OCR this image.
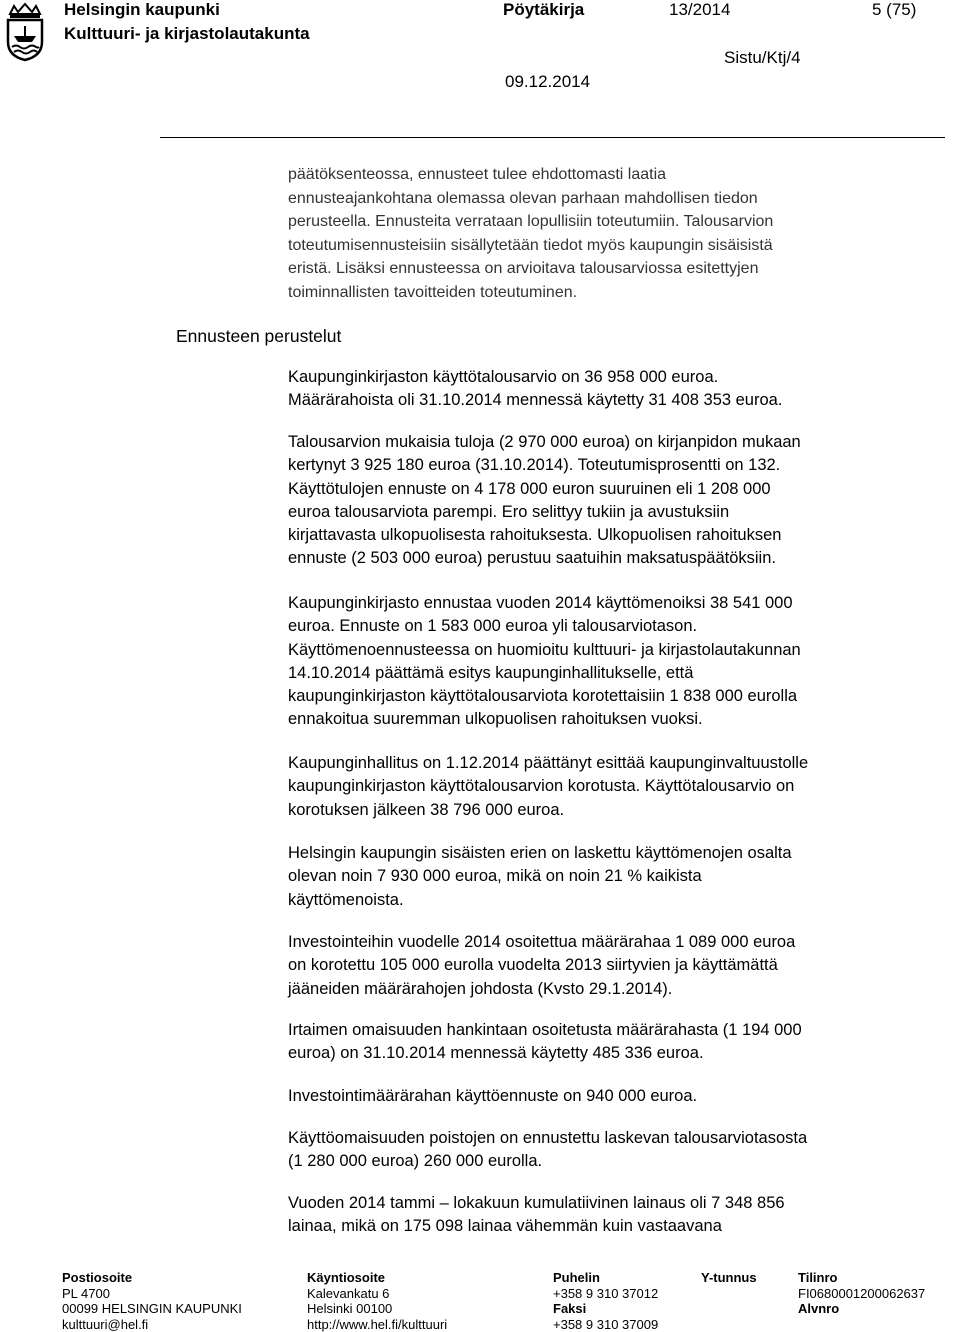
Helsingin kaupunki
Kulttuuri- ja kirjastolautakunta
Pöytäkirja	13/2014	5 (75)
Sistu/Ktj/4
09.12.2014

päätöksenteossa, ennusteet tulee ehdottomasti laatia

ennusteajankohtana olemassa olevan parhaan mahdollisen tiedon

perusteella. Ennusteita verrataan lopullisiin toteutumiin. Talousarvion

toteutumisennusteisiin sisällytetään tiedot myös kaupungin sisäisistä

eristä. Lisäksi ennusteessa on arvioitava talousarviossa esitettyjen

toiminnallisten tavoitteiden toteutuminen.

Ennusteen perustelut

Kaupunginkirjaston käyttötalousarvio on 36 958 000 euroa.

Määrärahoista oli 31.10.2014 mennessä käytetty 31 408 353 euroa.

Talousarvion mukaisia tuloja (2 970 000 euroa) on kirjanpidon mukaan

kertynyt 3 925 180 euroa (31.10.2014). Toteutumisprosentti on 132.

Käyttötulojen ennuste on 4 178 000 euron suuruinen eli 1 208 000

euroa talousarviota parempi. Ero selittyy tukiin ja avustuksiin

kirjattavasta ulkopuolisesta rahoituksesta. Ulkopuolisen rahoituksen

ennuste (2 503 000 euroa) perustuu saatuihin maksatuspäätöksiin.

Kaupunginkirjasto ennustaa vuoden 2014 käyttömenoiksi 38 541 000

euroa. Ennuste on 1 583 000 euroa yli talousarviotason.

Käyttömenoennusteessa on huomioitu kulttuuri- ja kirjastolautakunnan

14.10.2014 päättämä esitys kaupunginhallitukselle, että

kaupunginkirjaston käyttötalousarviota korotettaisiin 1 838 000 eurolla

ennakoitua suuremman ulkopuolisen rahoituksen vuoksi.

Kaupunginhallitus on 1.12.2014 päättänyt esittää kaupunginvaltuustolle

kaupunginkirjaston käyttötalousarvion korotusta. Käyttötalousarvio on

korotuksen jälkeen 38 796 000 euroa.

Helsingin kaupungin sisäisten erien on laskettu käyttömenojen osalta

olevan noin 7 930 000 euroa, mikä on noin 21 % kaikista

käyttömenoista.

Investointeihin vuodelle 2014 osoitettua määrärahaa 1 089 000 euroa

on korotettu 105 000 eurolla vuodelta 2013 siirtyvien ja käyttämättä

jääneiden määrärahojen johdosta (Kvsto 29.1.2014).

Irtaimen omaisuuden hankintaan osoitetusta määrärahasta (1 194 000

euroa) on 31.10.2014 mennessä käytetty 485 336 euroa.

Investointimäärärahan käyttöennuste on 940 000 euroa.

Käyttöomaisuuden poistojen on ennustettu laskevan talousarviotasosta

(1 280 000 euroa) 260 000 eurolla.

Vuoden 2014 tammi – lokakuun kumulatiivinen lainaus oli 7 348 856

lainaa, mikä on 175 098 lainaa vähemmän kuin vastaavana

Postiosoite
PL 4700
00099 HELSINGIN KAUPUNKI
kulttuuri@hel.fi
Käyntiosoite
Kalevankatu 6
Helsinki 00100
http://www.hel.fi/kulttuuri
Puhelin
+358 9 310 37012
Faksi
+358 9 310 37009
Y-tunnus	Tilinro
FI0680001200062637
Alvnro
